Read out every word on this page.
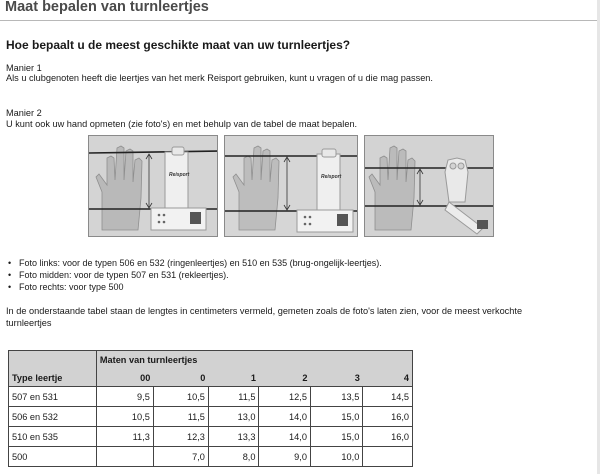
Maat bepalen van turnleertjes
Hoe bepaalt u de meest geschikte maat van uw turnleertjes?
Manier 1
Als u clubgenoten heeft die leertjes van het merk Reisport gebruiken, kunt u vragen of u die mag passen.
Manier 2
U kunt ook uw hand opmeten (zie foto's) en met behulp van de tabel de maat bepalen.
Reisport	Reisport
• Foto links: voor de typen 506 en 532 (ringenleertjes) en 510 en 535 (brug-ongelijk-leertjes).
• Foto midden: voor de typen 507 en 531 (rekleertjes).
• Foto rechts: voor type 500
In de onderstaande tabel staan de lengtes in centimeters vermeld, gemeten zoals de foto's laten zien, voor de meest verkochte
turnleertjes
	Maten van turnleertjes					
Type leertje	00	0	1	2	3	4
507 en 531	9,5	10,5	11,5	12,5	13,5	14,5
506 en 532	10,5	11,5	13,0	14,0	15,0	16,0
510 en 535	11,3	12,3	13,3	14,0	15,0	16,0
500		7,0	8,0	9,0	10,0	
